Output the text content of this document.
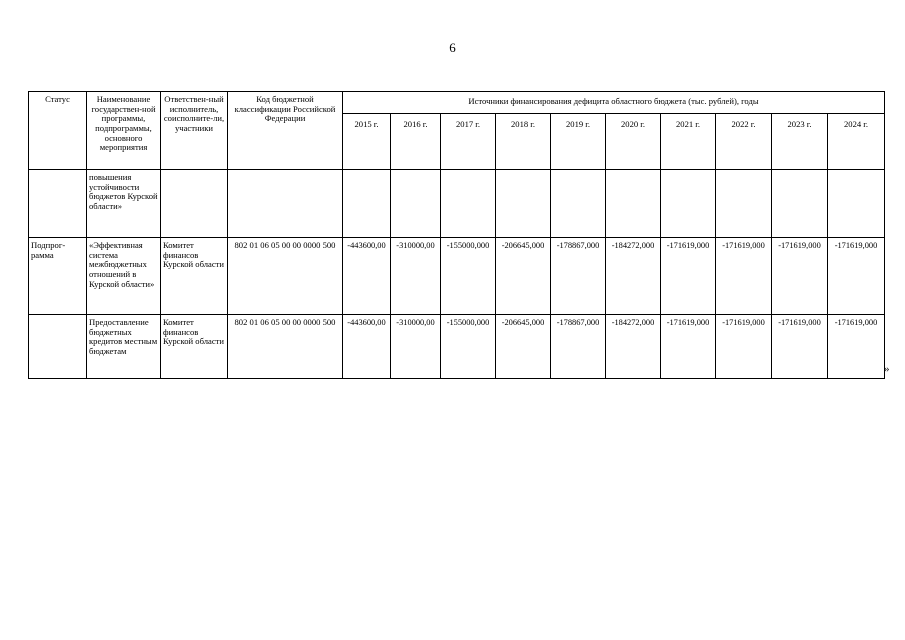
6
Статус	Наименование государствен-ной программы, подпрограммы, основного мероприятия	Ответствен-ный исполнитель, соисполните-ли, участники	Код бюджетной классификации Российской Федерации	Источники финансирования дефицита областного бюджета (тыс. рублей), годы									
				2015 г.	2016 г.	2017 г.	2018 г.	2019 г.	2020 г.	2021 г.	2022 г.	2023 г.	2024 г.
	повышения устойчивости бюджетов Курской области»												
Подпрог-рамма	«Эффективная система межбюджетных отношений в Курской области»	Комитет финансов Курской области	802 01 06 05 00 00 0000 500	-443600,00	-310000,00	-155000,000	-206645,000	-178867,000	-184272,000	-171619,000	-171619,000	-171619,000	-171619,000
	Предоставление бюджетных кредитов местным бюджетам	Комитет финансов Курской области	802 01 06 05 00 00 0000 500	-443600,00	-310000,00	-155000,000	-206645,000	-178867,000	-184272,000	-171619,000	-171619,000	-171619,000	-171619,000
»
